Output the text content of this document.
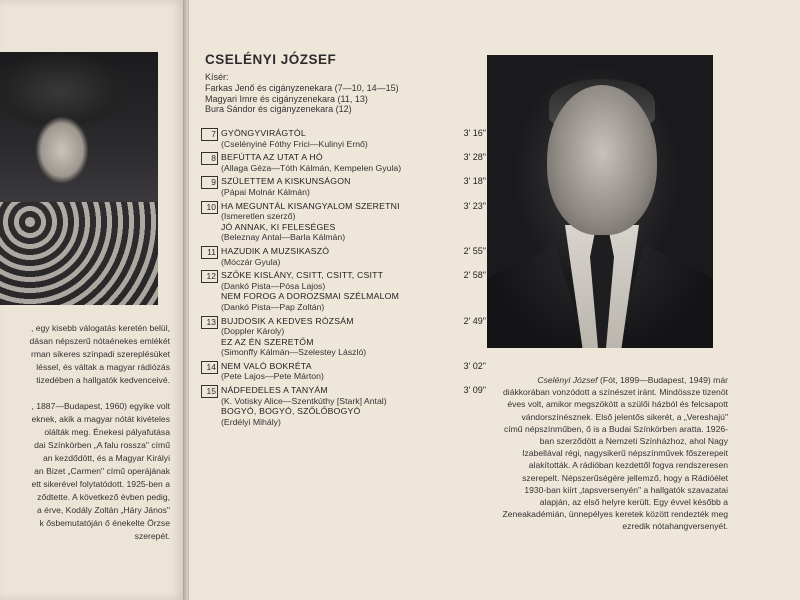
, egy kisebb válogatás keretén belül,
dásan népszerű nótaénekes emlékét
rman sikeres színpadi szereplésüket
léssel, és váltak a magyar rádiózás
tizedében a hallgatók kedvenceivé.
, 1887—Budapest, 1960) egyike volt
eknek, akik a magyar nótát kivételes
olálták meg. Énekesi pályafutása
dai Színkörben „A falu rossza" című
an kezdődött, és a Magyar Királyi
an Bizet „Carmen" című operájának
ett sikerével folytatódott. 1925-ben a
ződtette. A következő évben pedig,
a érve, Kodály Zoltán „Háry János"
k ősbemutatóján ő énekelte Örzse
szerepét.
CSELÉNYI JÓZSEF
Kísér:
Farkas Jenő és cigányzenekara (7—10, 14—15)
Magyari Imre és cigányzenekara (11, 13)
Bura Sándor és cigányzenekara (12)
7	3' 16"
GYÖNGYVIRÁGTÓL
(Cselényiné Fóthy Frici—Kulinyi Ernő)
8	3' 28"
BEFÚTTA AZ UTAT A HÓ
(Allaga Géza—Tóth Kálmán, Kempelen Gyula)
9	3' 18"
SZÜLETTEM A KISKUNSÁGON
(Pápai Molnár Kálmán)
10	3' 23"
HA MEGUNTÁL KISANGYALOM SZERETNI
(Ismeretlen szerző)
JÓ ANNAK, KI FELESÉGES
(Beleznay Antal—Barla Kálmán)
11	2' 55"
HAZUDIK A MUZSIKASZÓ
(Móczár Gyula)
12	2' 58"
SZŐKE KISLÁNY, CSITT, CSITT, CSITT
(Dankó Pista—Pósa Lajos)
NEM FOROG A DOROZSMAI SZÉLMALOM
(Dankó Pista—Pap Zoltán)
13	2' 49"
BUJDOSIK A KEDVES RÓZSÁM
(Doppler Károly)
EZ AZ ÉN SZERETŐM
(Simonffy Kálmán—Szelestey László)
14	3' 02"
NEM VALÓ BOKRÉTA
(Pete Lajos—Pete Márton)
15	3' 09"
NÁDFEDELES A TANYÁM
(K. Votisky Alice—Szentkúthy [Stark] Antal)
BOGYÓ, BOGYÓ, SZŐLŐBOGYÓ
(Erdélyi Mihály)
Cselényi József (Fót, 1899—Budapest, 1949) már
diákkorában vonzódott a színészet iránt. Mindössze tizenöt
éves volt, amikor megszökött a szülői házból és felcsapott
vándorszínésznek. Első jelentős sikerét, a „Vereshajú"
című népszínműben, ő is a Budai Színkörben aratta. 1926-
ban szerződött a Nemzeti Színházhoz, ahol Nagy
Izabellával régi, nagysikerű népszínművek főszerepeit
alakították. A rádióban kezdettől fogva rendszeresen
szerepelt. Népszerűségére jellemző, hogy a Rádióélet
1930-ban kiírt „tapsversenyén" a hallgatók szavazatai
alapján, az első helyre került. Egy évvel később a
Zeneakadémián, ünnepélyes keretek között rendezték meg
ezredik nótahangversenyét.
